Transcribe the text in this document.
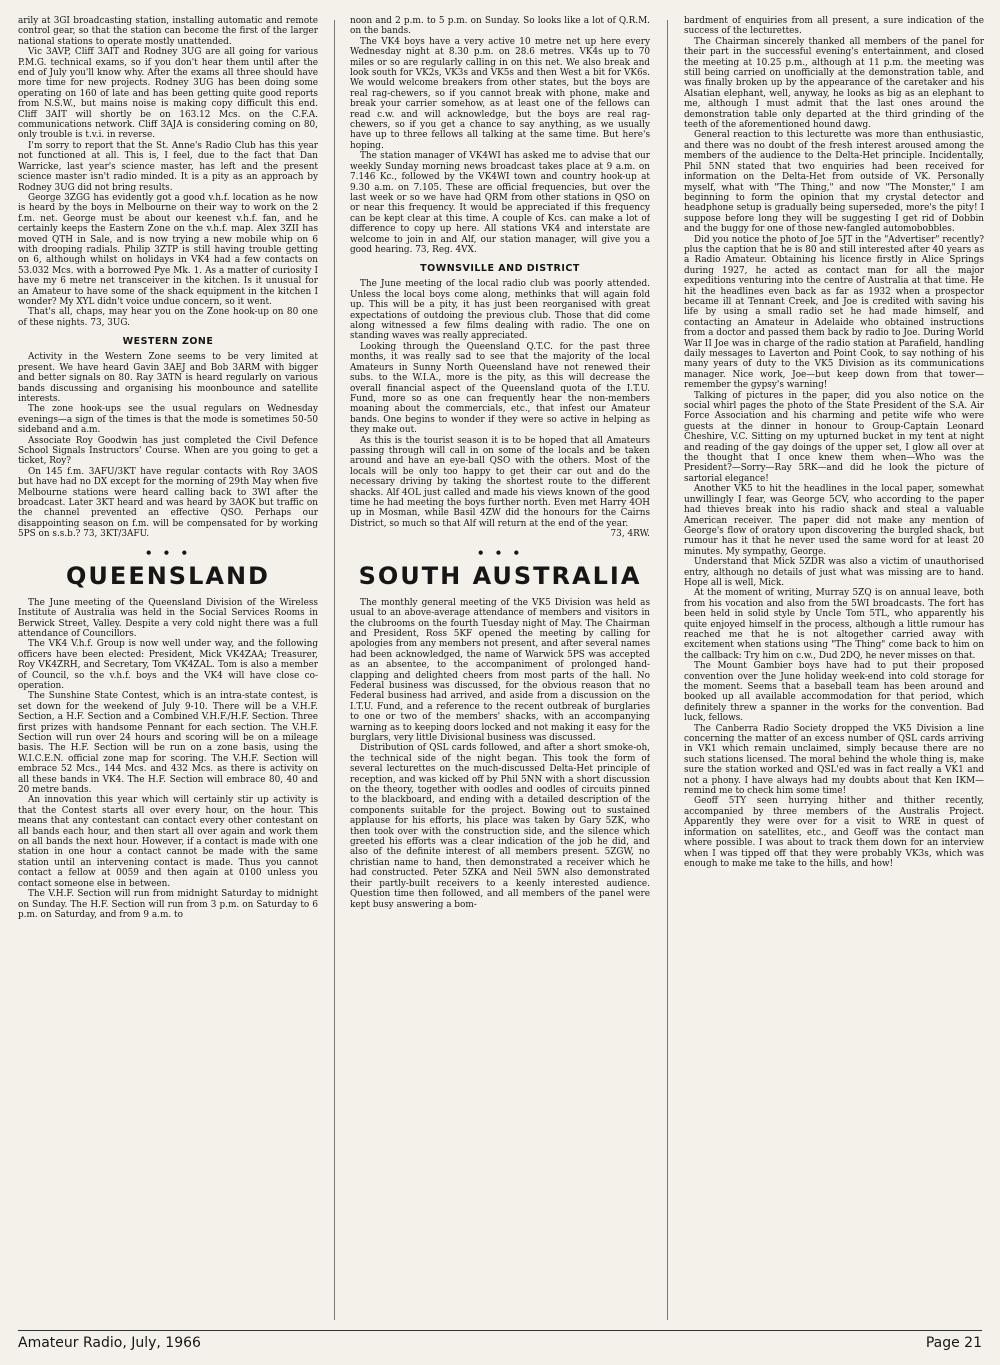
arily at 3GI broadcasting station, installing automatic and remote control gear, so that the station can become the first of the larger national stations to operate mostly unattended.

Vic 3AVP, Cliff 3AIT and Rodney 3UG are all going for various P.M.G. technical exams, so if you don't hear them until after the end of July you'll know why. After the exams all three should have more time for new projects. Rodney 3UG has been doing some operating on 160 of late and has been getting quite good reports from N.S.W., but mains noise is making copy difficult this end. Cliff 3AIT will shortly be on 163.12 Mcs. on the C.F.A. communications network. Cliff 3AJA is considering coming on 80, only trouble is t.v.i. in reverse.

I'm sorry to report that the St. Anne's Radio Club has this year not functioned at all. This is, I feel, due to the fact that Dan Warricke, last year's science master, has left and the present science master isn't radio minded. It is a pity as an approach by Rodney 3UG did not bring results.

George 3ZGG has evidently got a good v.h.f. location as he now is heard by the boys in Melbourne on their way to work on the 2 f.m. net. George must be about our keenest v.h.f. fan, and he certainly keeps the Eastern Zone on the v.h.f. map. Alex 3ZII has moved QTH in Sale, and is now trying a new mobile whip on 6 with drooping radials. Philip 3ZTP is still having trouble getting on 6, although whilst on holidays in VK4 had a few contacts on 53.032 Mcs. with a borrowed Pye Mk. 1. As a matter of curiosity I have my 6 metre net transceiver in the kitchen. Is it unusual for an Amateur to have some of the shack equipment in the kitchen I wonder? My XYL didn't voice undue concern, so it went.

That's all, chaps, may hear you on the Zone hook-up on 80 one of these nights. 73, 3UG.

WESTERN ZONE

Activity in the Western Zone seems to be very limited at present. We have heard Gavin 3AEJ and Bob 3ARM with bigger and better signals on 80. Ray 3ATN is heard regularly on various bands discussing and organising his moonbounce and satellite interests.

The zone hook-ups see the usual regulars on Wednesday evenings—a sign of the times is that the mode is sometimes 50-50 sideband and a.m.

Associate Roy Goodwin has just completed the Civil Defence School Signals Instructors' Course. When are you going to get a ticket, Roy?

On 145 f.m. 3AFU/3KT have regular contacts with Roy 3AOS but have had no DX except for the morning of 29th May when five Melbourne stations were heard calling back to 3WI after the broadcast. Later 3KT heard and was heard by 3AOK but traffic on the channel prevented an effective QSO. Perhaps our disappointing season on f.m. will be compensated for by working 5PS on s.s.b.? 73, 3KT/3AFU.

• • •
QUEENSLAND

The June meeting of the Queensland Division of the Wireless Institute of Australia was held in the Social Services Rooms in Berwick Street, Valley. Despite a very cold night there was a full attendance of Councillors.

The VK4 V.h.f. Group is now well under way, and the following officers have been elected: President, Mick VK4ZAA; Treasurer, Roy VK4ZRH, and Secretary, Tom VK4ZAL. Tom is also a member of Council, so the v.h.f. boys and the VK4 will have close co-operation.

The Sunshine State Contest, which is an intra-state contest, is set down for the weekend of July 9-10. There will be a V.H.F. Section, a H.F. Section and a Combined V.H.F./H.F. Section. Three first prizes with handsome Pennant for each section. The V.H.F. Section will run over 24 hours and scoring will be on a mileage basis. The H.F. Section will be run on a zone basis, using the W.I.C.E.N. official zone map for scoring. The V.H.F. Section will embrace 52 Mcs., 144 Mcs. and 432 Mcs. as there is activity on all these bands in VK4. The H.F. Section will embrace 80, 40 and 20 metre bands.

An innovation this year which will certainly stir up activity is that the Contest starts all over every hour, on the hour. This means that any contestant can contact every other contestant on all bands each hour, and then start all over again and work them on all bands the next hour. However, if a contact is made with one station in one hour a contact cannot be made with the same station until an intervening contact is made. Thus you cannot contact a fellow at 0059 and then again at 0100 unless you contact someone else in between.

The V.H.F. Section will run from midnight Saturday to midnight on Sunday. The H.F. Section will run from 3 p.m. on Saturday to 6 p.m. on Saturday, and from 9 a.m. to

noon and 2 p.m. to 5 p.m. on Sunday. So looks like a lot of Q.R.M. on the bands.

The VK4 boys have a very active 10 metre net up here every Wednesday night at 8.30 p.m. on 28.6 metres. VK4s up to 70 miles or so are regularly calling in on this net. We also break and look south for VK2s, VK3s and VK5s and then West a bit for VK6s. We would welcome breakers from other states, but the boys are real rag-chewers, so if you cannot break with phone, make and break your carrier somehow, as at least one of the fellows can read c.w. and will acknowledge, but the boys are real rag-chewers, so if you get a chance to say anything, as we usually have up to three fellows all talking at the same time. But here's hoping.

The station manager of VK4WI has asked me to advise that our weekly Sunday morning news broadcast takes place at 9 a.m. on 7.146 Kc., followed by the VK4WI town and country hook-up at 9.30 a.m. on 7.105. These are official frequencies, but over the last week or so we have had QRM from other stations in QSO on or near this frequency. It would be appreciated if this frequency can be kept clear at this time. A couple of Kcs. can make a lot of difference to copy up here. All stations VK4 and interstate are welcome to join in and Alf, our station manager, will give you a good hearing. 73, Reg. 4VX.

TOWNSVILLE AND DISTRICT

The June meeting of the local radio club was poorly attended. Unless the local boys come along, methinks that will again fold up. This will be a pity, it has just been reorganised with great expectations of outdoing the previous club. Those that did come along witnessed a few films dealing with radio. The one on standing waves was really appreciated.

Looking through the Queensland Q.T.C. for the past three months, it was really sad to see that the majority of the local Amateurs in Sunny North Queensland have not renewed their subs. to the W.I.A., more is the pity, as this will decrease the overall financial aspect of the Queensland quota of the I.T.U. Fund, more so as one can frequently hear the non-members moaning about the commercials, etc., that infest our Amateur bands. One begins to wonder if they were so active in helping as they make out.

As this is the tourist season it is to be hoped that all Amateurs passing through will call in on some of the locals and be taken around and have an eye-ball QSO with the others. Most of the locals will be only too happy to get their car out and do the necessary driving by taking the shortest route to the different shacks. Alf 4OL just called and made his views known of the good time he had meeting the boys further north. Even met Harry 4OH up in Mosman, while Basil 4ZW did the honours for the Cairns District, so much so that Alf will return at the end of the year.

73, 4RW.

• • •
SOUTH AUSTRALIA

The monthly general meeting of the VK5 Division was held as usual to an above-average attendance of members and visitors in the clubrooms on the fourth Tuesday night of May. The Chairman and President, Ross 5KF opened the meeting by calling for apologies from any members not present, and after several names had been acknowledged, the name of Warwick 5PS was accepted as an absentee, to the accompaniment of prolonged hand-clapping and delighted cheers from most parts of the hall. No Federal business was discussed, for the obvious reason that no Federal business had arrived, and aside from a discussion on the I.T.U. Fund, and a reference to the recent outbreak of burglaries to one or two of the members' shacks, with an accompanying warning as to keeping doors locked and not making it easy for the burglars, very little Divisional business was discussed.

Distribution of QSL cards followed, and after a short smoke-oh, the technical side of the night began. This took the form of several lecturettes on the much-discussed Delta-Het principle of reception, and was kicked off by Phil 5NN with a short discussion on the theory, together with oodles and oodles of circuits pinned to the blackboard, and ending with a detailed description of the components suitable for the project. Bowing out to sustained applause for his efforts, his place was taken by Gary 5ZK, who then took over with the construction side, and the silence which greeted his efforts was a clear indication of the job he did, and also of the definite interest of all members present. 5ZGW, no christian name to hand, then demonstrated a receiver which he had constructed. Peter 5ZKA and Neil 5WN also demonstrated their partly-built receivers to a keenly interested audience. Question time then followed, and all members of the panel were kept busy answering a bom-

bardment of enquiries from all present, a sure indication of the success of the lecturettes.

The Chairman sincerely thanked all members of the panel for their part in the successful evening's entertainment, and closed the meeting at 10.25 p.m., although at 11 p.m. the meeting was still being carried on unofficially at the demonstration table, and was finally broken up by the appearance of the caretaker and his Alsatian elephant, well, anyway, he looks as big as an elephant to me, although I must admit that the last ones around the demonstration table only departed at the third grinding of the teeth of the aforementioned hound dawg.

General reaction to this lecturette was more than enthusiastic, and there was no doubt of the fresh interest aroused among the members of the audience to the Delta-Het principle. Incidentally, Phil 5NN stated that two enquiries had been received for information on the Delta-Het from outside of VK. Personally myself, what with "The Thing," and now "The Monster," I am beginning to form the opinion that my crystal detector and headphone setup is gradually being superseded, more's the pity! I suppose before long they will be suggesting I get rid of Dobbin and the buggy for one of those new-fangled automobobbles.

Did you notice the photo of Joe 5JT in the "Advertiser" recently? plus the caption that he is 80 and still interested after 40 years as a Radio Amateur. Obtaining his licence firstly in Alice Springs during 1927, he acted as contact man for all the major expeditions venturing into the centre of Australia at that time. He hit the headlines even back as far as 1932 when a prospector became ill at Tennant Creek, and Joe is credited with saving his life by using a small radio set he had made himself, and contacting an Amateur in Adelaide who obtained instructions from a doctor and passed them back by radio to Joe. During World War II Joe was in charge of the radio station at Parafield, handling daily messages to Laverton and Point Cook, to say nothing of his many years of duty to the VK5 Division as its communications manager. Nice work, Joe—but keep down from that tower—remember the gypsy's warning!

Talking of pictures in the paper, did you also notice on the social whirl pages the photo of the State President of the S.A. Air Force Association and his charming and petite wife who were guests at the dinner in honour to Group-Captain Leonard Cheshire, V.C. Sitting on my upturned bucket in my tent at night and reading of the gay doings of the upper set, I glow all over at the thought that I once knew them when—Who was the President?—Sorry—Ray 5RK—and did he look the picture of sartorial elegance!

Another VK5 to hit the headlines in the local paper, somewhat unwillingly I fear, was George 5CV, who according to the paper had thieves break into his radio shack and steal a valuable American receiver. The paper did not make any mention of George's flow of oratory upon discovering the burgled shack, but rumour has it that he never used the same word for at least 20 minutes. My sympathy, George.

Understand that Mick 5ZDR was also a victim of unauthorised entry, although no details of just what was missing are to hand. Hope all is well, Mick.

At the moment of writing, Murray 5ZQ is on annual leave, both from his vocation and also from the 5WI broadcasts. The fort has been held in solid style by Uncle Tom 5TL, who apparently his quite enjoyed himself in the process, although a little rumour has reached me that he is not altogether carried away with excitement when stations using "The Thing" come back to him on the callback: Try him on c.w., Dud 2DQ, he never misses on that.

The Mount Gambier boys have had to put their proposed convention over the June holiday week-end into cold storage for the moment. Seems that a baseball team has been around and booked up all available accommodation for that period, which definitely threw a spanner in the works for the convention. Bad luck, fellows.

The Canberra Radio Society dropped the VK5 Division a line concerning the matter of an excess number of QSL cards arriving in VK1 which remain unclaimed, simply because there are no such stations licensed. The moral behind the whole thing is, make sure the station worked and QSL'ed was in fact really a VK1 and not a phony. I have always had my doubts about that Ken IKM—remind me to check him some time!

Geoff 5TY seen hurrying hither and thither recently, accompanied by three members of the Australis Project. Apparently they were over for a visit to WRE in quest of information on satellites, etc., and Geoff was the contact man where possible. I was about to track them down for an interview when I was tipped off that they were probably VK3s, which was enough to make me take to the hills, and how!

Amateur Radio, July, 1966	Page 21
